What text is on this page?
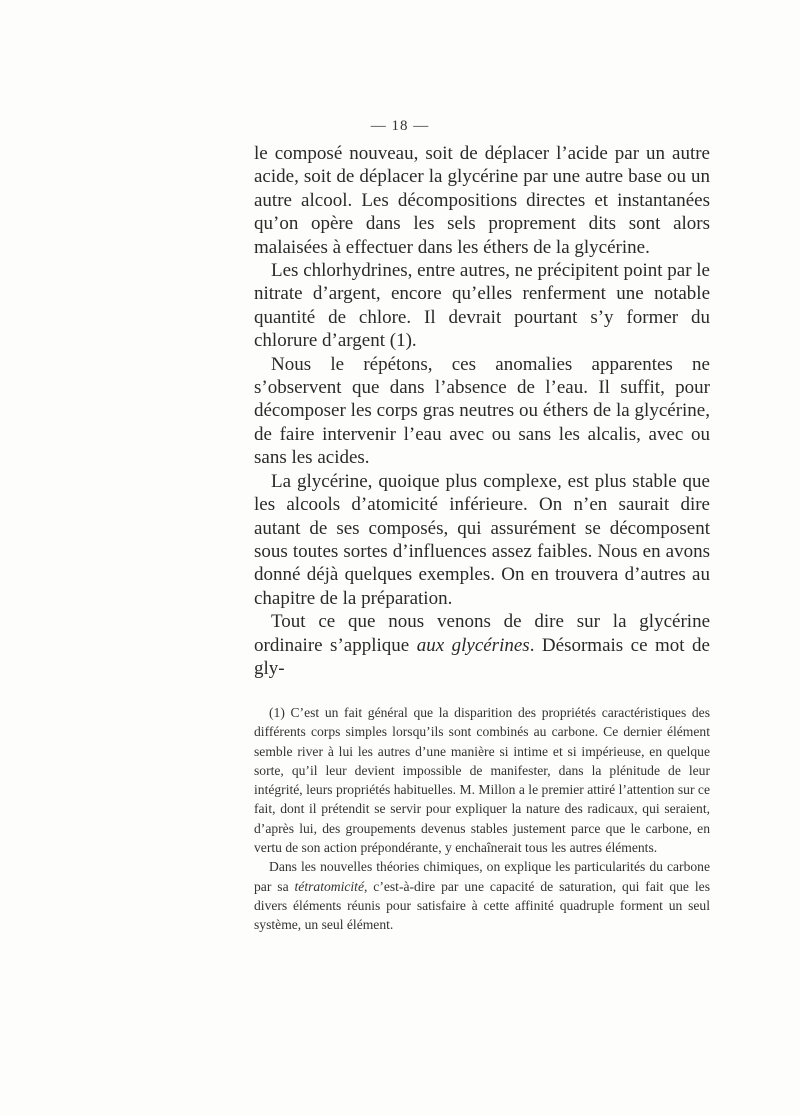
— 18 —

le composé nouveau, soit de déplacer l’acide par un autre acide, soit de déplacer la glycérine par une autre base ou un autre alcool. Les décompositions directes et instantanées qu’on opère dans les sels proprement dits sont alors malaisées à effectuer dans les éthers de la glycérine.

Les chlorhydrines, entre autres, ne précipitent point par le nitrate d’argent, encore qu’elles renferment une notable quantité de chlore. Il devrait pourtant s’y former du chlorure d’argent (1).

Nous le répétons, ces anomalies apparentes ne s’observent que dans l’absence de l’eau. Il suffit, pour décomposer les corps gras neutres ou éthers de la glycérine, de faire intervenir l’eau avec ou sans les alcalis, avec ou sans les acides.

La glycérine, quoique plus complexe, est plus stable que les alcools d’atomicité inférieure. On n’en saurait dire autant de ses composés, qui assurément se décomposent sous toutes sortes d’influences assez faibles. Nous en avons donné déjà quelques exemples. On en trouvera d’autres au chapitre de la préparation.

Tout ce que nous venons de dire sur la glycérine ordinaire s’applique aux glycérines. Désormais ce mot de gly-

(1) C’est un fait général que la disparition des propriétés caractéristiques des différents corps simples lorsqu’ils sont combinés au carbone. Ce dernier élément semble river à lui les autres d’une manière si intime et si impérieuse, en quelque sorte, qu’il leur devient impossible de manifester, dans la plénitude de leur intégrité, leurs propriétés habituelles. M. Millon a le premier attiré l’attention sur ce fait, dont il prétendit se servir pour expliquer la nature des radicaux, qui seraient, d’après lui, des groupements devenus stables justement parce que le carbone, en vertu de son action prépondérante, y enchaînerait tous les autres éléments.

Dans les nouvelles théories chimiques, on explique les particularités du carbone par sa tétratomicité, c’est-à-dire par une capacité de saturation, qui fait que les divers éléments réunis pour satisfaire à cette affinité quadruple forment un seul système, un seul élément.
